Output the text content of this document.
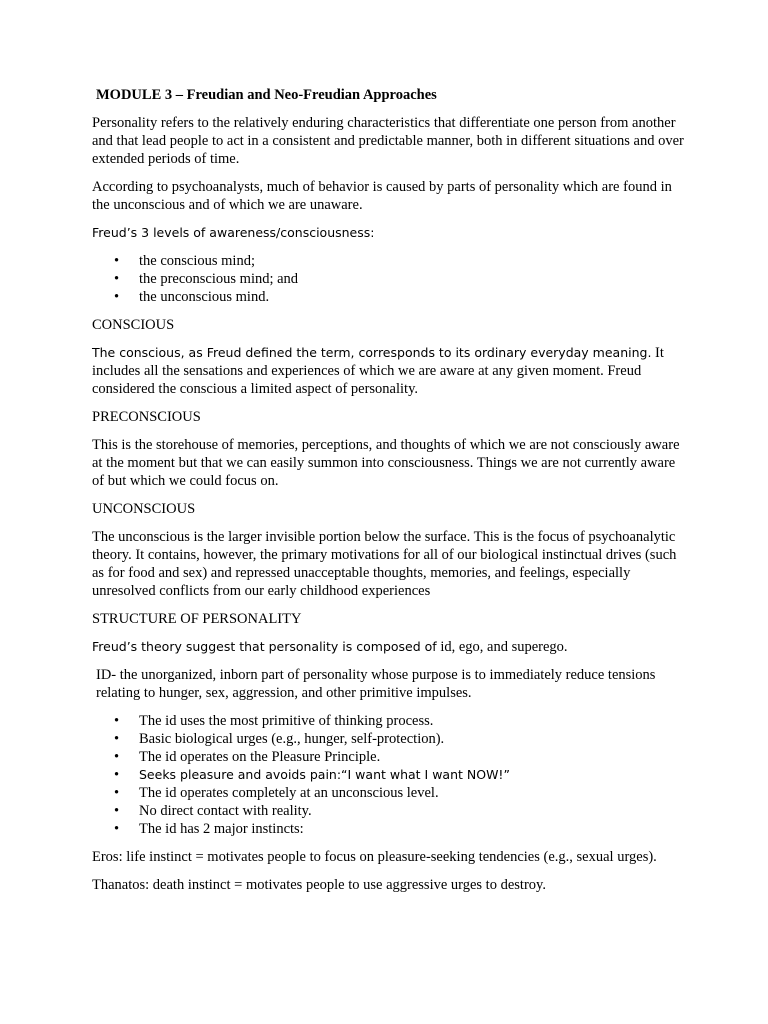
MODULE 3 – Freudian and Neo-Freudian Approaches

Personality refers to the relatively enduring characteristics that differentiate one person from another and that lead people to act in a consistent and predictable manner, both in different situations and over extended periods of time.

According to psychoanalysts, much of behavior is caused by parts of personality which are found in the unconscious and of which we are unaware.

Freud’s 3 levels of awareness/consciousness:

• the conscious mind;
• the preconscious mind; and
• the unconscious mind.

CONSCIOUS

The conscious, as Freud defined the term, corresponds to its ordinary everyday meaning. It includes all the sensations and experiences of which we are aware at any given moment. Freud considered the conscious a limited aspect of personality.

PRECONSCIOUS

This is the storehouse of memories, perceptions, and thoughts of which we are not consciously aware at the moment but that we can easily summon into consciousness. Things we are not currently aware of but which we could focus on.

UNCONSCIOUS

The unconscious is the larger invisible portion below the surface. This is the focus of psychoanalytic theory. It contains, however, the primary motivations for all of our biological instinctual drives (such as for food and sex) and repressed unacceptable thoughts, memories, and feelings, especially unresolved conflicts from our early childhood experiences

STRUCTURE OF PERSONALITY

Freud’s theory suggest that personality is composed of id, ego, and superego.

ID- the unorganized, inborn part of personality whose purpose is to immediately reduce tensions relating to hunger, sex, aggression, and other primitive impulses.

• The id uses the most primitive of thinking process.
• Basic biological urges (e.g., hunger, self-protection).
• The id operates on the Pleasure Principle.
• Seeks pleasure and avoids pain:“I want what I want NOW!”
• The id operates completely at an unconscious level.
• No direct contact with reality.
• The id has 2 major instincts:

Eros: life instinct = motivates people to focus on pleasure-seeking tendencies (e.g., sexual urges).

Thanatos: death instinct = motivates people to use aggressive urges to destroy.
